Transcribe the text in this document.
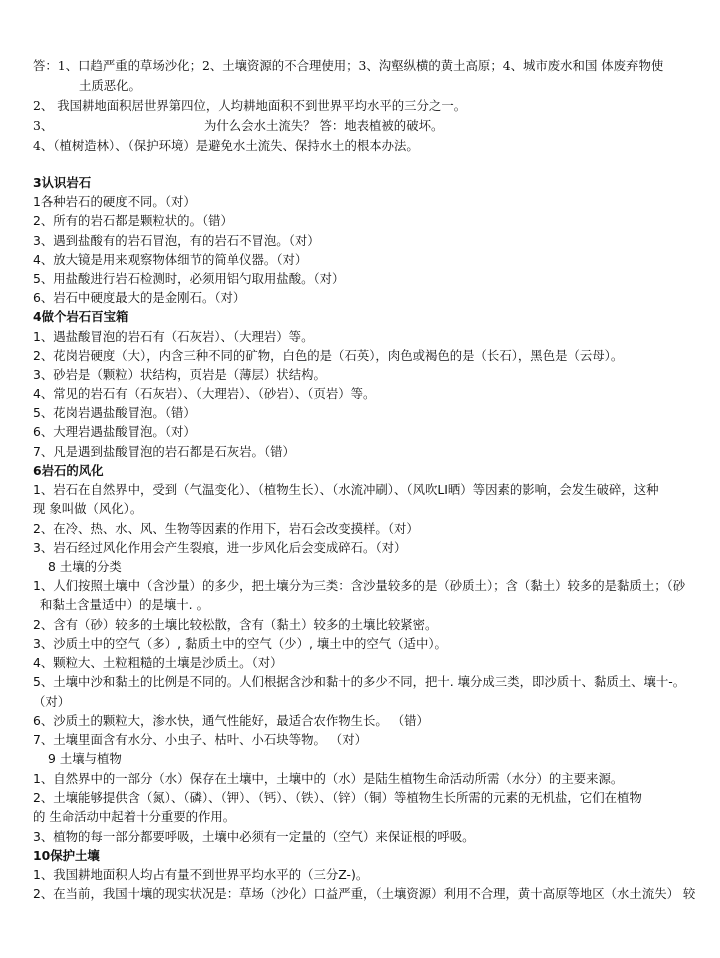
答：1、口趋严重的草场沙化；2、土壤资源的不合理使用；3、沟壑纵横的黄土高原；4、城市废水和国 体废弃物使
土质恶化。
2、 我国耕地面积居世界第四位，人均耕地面积不到世界平均水平的三分之一。
3、	为什么会水土流失？ 答：地表植被的破坏。
4、（植树造林）、（保护环境）是避免水土流失、保持水土的根本办法。
3认识岩石
1各种岩石的硬度不同。（对）
2、所有的岩石都是颗粒状的。（错）
3、遇到盐酸有的岩石冒泡，有的岩石不冒泡。（对）
4、放大镜是用来观察物体细节的简单仪器。（对）
5、用盐酸进行岩石检测时，必须用铝勺取用盐酸。（对）
6、岩石中硬度最大的是金刚石。（对）
4做个岩石百宝箱
1、遇盐酸冒泡的岩石有（石灰岩）、（大理岩）等。
2、花岗岩硬度（大），内含三种不同的矿物，白色的是（石英），肉色或褐色的是（长石），黑色是（云母）。
3、砂岩是（颗粒）状结构，页岩是（薄层）状结构。
4、常见的岩石有（石灰岩）、（大理岩）、（砂岩）、（页岩）等。
5、花岗岩遇盐酸冒泡。（错）
6、大理岩遇盐酸冒泡。（对）
7、凡是遇到盐酸冒泡的岩石都是石灰岩。（错）
6岩石的风化
1、岩石在自然界中，受到（气温变化）、（植物生长）、（水流冲刷）、（风吹LI晒）等因素的影响，会发生破碎，这种
现 象叫做（风化）。
2、在冷、热、水、风、生物等因素的作用下，岩石会改变摸样。（对）
3、岩石经过风化作用会产生裂痕，进一步风化后会变成碎石。（对）
8 土壤的分类
1、人们按照土壤中（含沙量）的多少，把土壤分为三类：含沙量较多的是（砂质土）；含（黏土）较多的是黏质土；（砂
和黏土含量适中）的是壤十. 。
2、含有（砂）较多的土壤比较松散，含有（黏土）较多的土壤比较紧密。
3、沙质土中的空气（多）, 黏质土中的空气（少）, 壤土中的空气（适中）。
4、颗粒大、土粒粗糙的土壤是沙质土。（对）
5、土壤中沙和黏土的比例是不同的。人们根据含沙和黏十的多少不同，把十. 壤分成三类，即沙质十、黏质土、壤十-。
（对）
6、沙质土的颗粒大，渗水快，通气性能好，最适合农作物生长。 （错）
7、土壤里面含有水分、小虫子、枯叶、小石块等物。 （对）
9 土壤与植物
1、自然界中的一部分（水）保存在土壤中，土壤中的（水）是陆生植物生命活动所需（水分）的主要来源。
2、土壤能够提供含（氮）、（磷）、（钾）、（钙）、（铁）、（锌）（铜）等植物生长所需的元素的无机盐，它们在植物
的 生命活动中起着十分重要的作用。
3、植物的每一部分都要呼吸，土壤中必须有一定量的（空气）来保证根的呼吸。
10保护土壤
1、我国耕地面积人均占有量不到世界平均水平的（三分Z-)。
2、在当前，我国十壤的现实状况是：草场（沙化）口益严重，（土壤资源）利用不合理，黄十高原等地区（水土流失） 较
